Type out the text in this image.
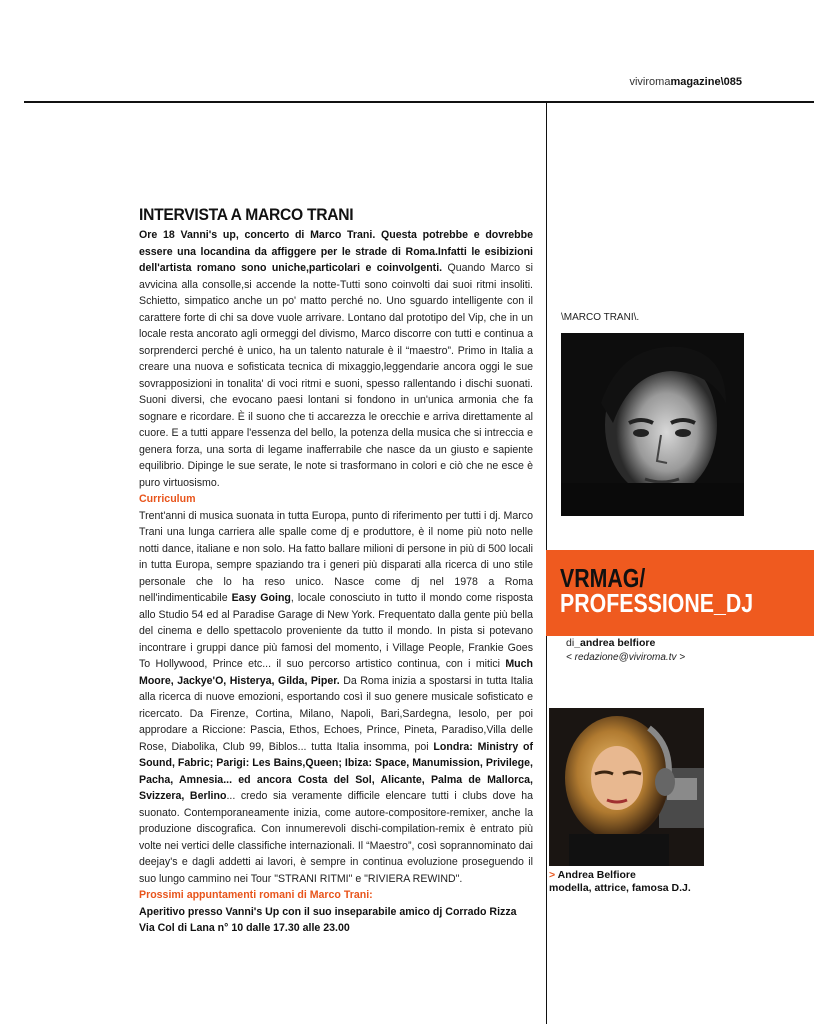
viviromamagazine\085
INTERVISTA A MARCO TRANI

Ore 18 Vanni's up, concerto di Marco Trani. Questa potrebbe e dovrebbe essere una locandina da affiggere per le strade di Roma.Infatti le esibizioni dell'artista romano sono uniche,particolari e coinvolgenti. Quando Marco si avvicina alla consolle,si accende la notte-Tutti sono coinvolti dai suoi ritmi insoliti. Schietto, simpatico anche un po' matto perché no. Uno sguardo intelligente con il carattere forte di chi sa dove vuole arrivare. Lontano dal prototipo del Vip, che in un locale resta ancorato agli ormeggi del divismo, Marco discorre con tutti e continua a sorprenderci perché è unico, ha un talento naturale è il “maestro”. Primo in Italia a creare una nuova e sofisticata tecnica di mixaggio,leggendarie ancora oggi le sue sovrapposizioni in tonalita' di voci ritmi e suoni, spesso rallentando i dischi suonati. Suoni diversi, che evocano paesi lontani si fondono in un'unica armonia che fa sognare e ricordare. È il suono che ti accarezza le orecchie e arriva direttamente al cuore. E a tutti appare l'essenza del bello, la potenza della musica che si intreccia e genera forza, una sorta di legame inafferrabile che nasce da un giusto e sapiente equilibrio. Dipinge le sue serate, le note si trasformano in colori e ciò che ne esce è puro virtuosismo.

Curriculum

Trent'anni di musica suonata in tutta Europa, punto di riferimento per tutti i dj. Marco Trani una lunga carriera alle spalle come dj e produttore, è il nome più noto nelle notti dance, italiane e non solo. Ha fatto ballare milioni di persone in più di 500 locali in tutta Europa, sempre spaziando tra i generi più disparati alla ricerca di uno stile personale che lo ha reso unico. Nasce come dj nel 1978 a Roma nell'indimenticabile Easy Going, locale conosciuto in tutto il mondo come risposta allo Studio 54 ed al Paradise Garage di New York. Frequentato dalla gente più bella del cinema e dello spettacolo proveniente da tutto il mondo. In pista si potevano incontrare i gruppi dance più famosi del momento, i Village People, Frankie Goes To Hollywood, Prince etc... il suo percorso artistico continua, con i mitici Much Moore, Jackye'O, Histerya, Gilda, Piper. Da Roma inizia a spostarsi in tutta Italia alla ricerca di nuove emozioni, esportando così il suo genere musicale sofisticato e ricercato. Da Firenze, Cortina, Milano, Napoli, Bari,Sardegna, Iesolo, per poi approdare a Riccione: Pascia, Ethos, Echoes, Prince, Pineta, Paradiso,Villa delle Rose, Diabolika, Club 99, Biblos... tutta Italia insomma, poi Londra: Ministry of Sound, Fabric; Parigi: Les Bains,Queen; Ibiza: Space, Manumission, Privilege, Pacha, Amnesia... ed ancora Costa del Sol, Alicante, Palma de Mallorca, Svizzera, Berlino... credo sia veramente difficile elencare tutti i clubs dove ha suonato. Contemporaneamente inizia, come autore-compositore-remixer, anche la produzione discografica. Con innumerevoli dischi-compilation-remix è entrato più volte nei vertici delle classifiche internazionali. Il “Maestro”, così soprannominato dai deejay's e dagli addetti ai lavori, è sempre in continua evoluzione proseguendo il suo lungo cammino nei Tour "STRANI RITMI" e "RIVIERA REWIND".

Prossimi appuntamenti romani di Marco Trani:

Aperitivo presso Vanni's Up con il suo inseparabile amico dj Corrado Rizza

Via Col di Lana n° 10 dalle 17.30 alle 23.00

\MARCO TRANI\.
VRMAG/
PROFESSIONE_DJ
di_andrea belfiore
< redazione@viviroma.tv >
> Andrea Belfiore
modella, attrice, famosa D.J.
